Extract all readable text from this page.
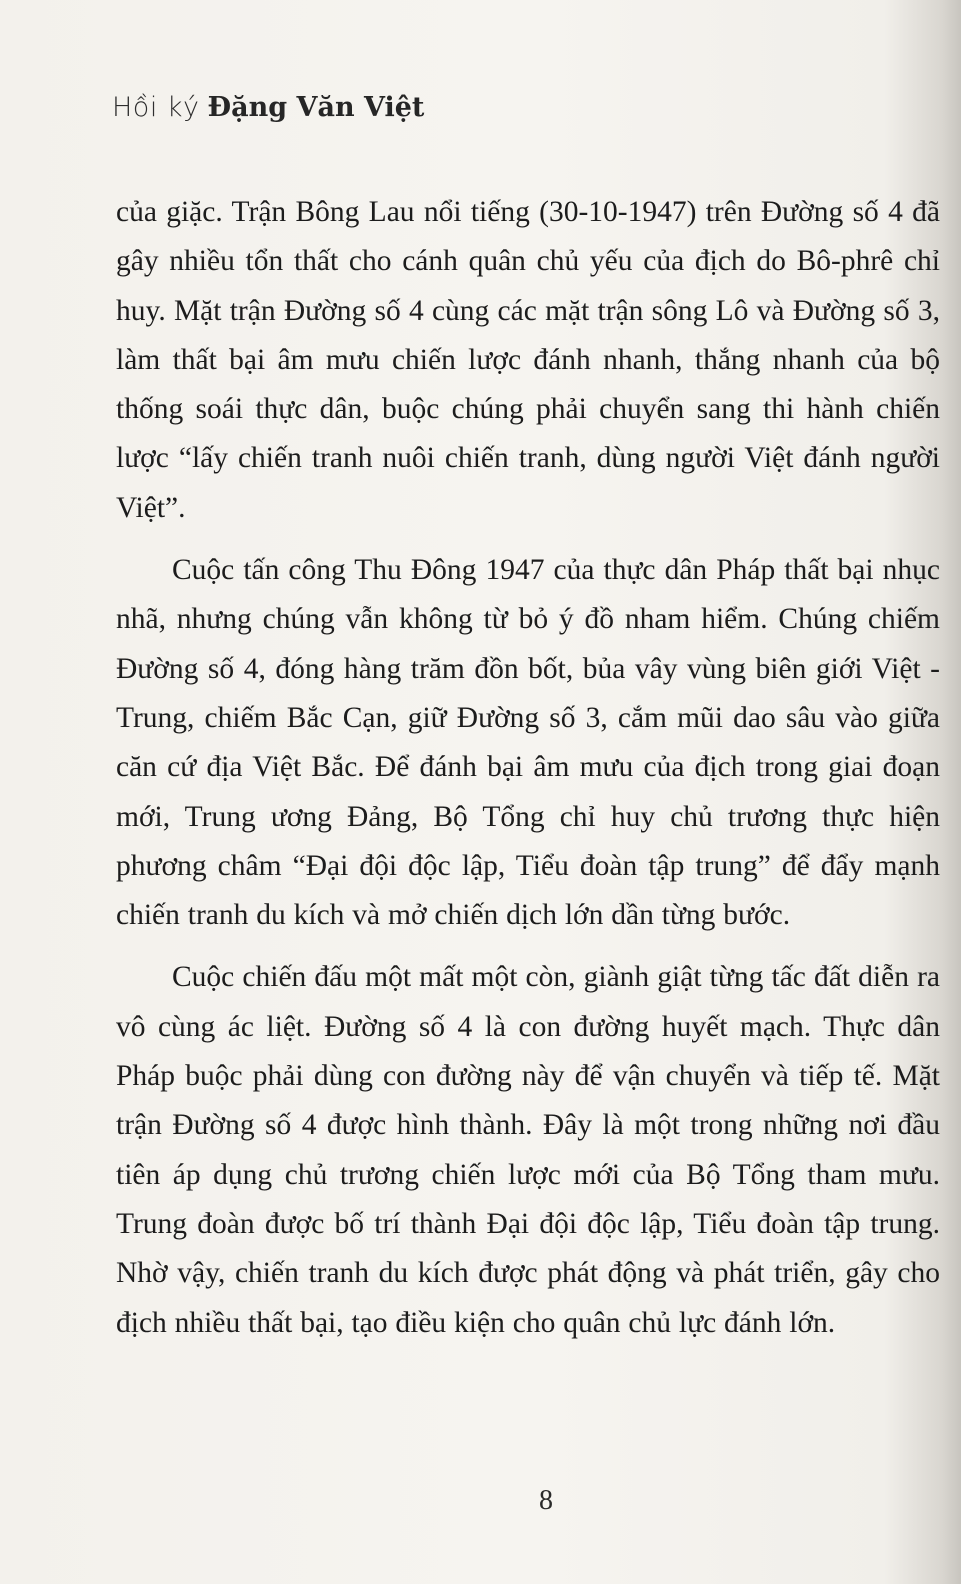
Hồi ký Đặng Văn Việt

của giặc. Trận Bông Lau nổi tiếng (30-10-1947) trên Đường số 4 đã gây nhiều tổn thất cho cánh quân chủ yếu của địch do Bô-phrê chỉ huy. Mặt trận Đường số 4 cùng các mặt trận sông Lô và Đường số 3, làm thất bại âm mưu chiến lược đánh nhanh, thắng nhanh của bộ thống soái thực dân, buộc chúng phải chuyển sang thi hành chiến lược “lấy chiến tranh nuôi chiến tranh, dùng người Việt đánh người Việt”.

Cuộc tấn công Thu Đông 1947 của thực dân Pháp thất bại nhục nhã, nhưng chúng vẫn không từ bỏ ý đồ nham hiểm. Chúng chiếm Đường số 4, đóng hàng trăm đồn bốt, bủa vây vùng biên giới Việt - Trung, chiếm Bắc Cạn, giữ Đường số 3, cắm mũi dao sâu vào giữa căn cứ địa Việt Bắc. Để đánh bại âm mưu của địch trong giai đoạn mới, Trung ương Đảng, Bộ Tổng chỉ huy chủ trương thực hiện phương châm “Đại đội độc lập, Tiểu đoàn tập trung” để đẩy mạnh chiến tranh du kích và mở chiến dịch lớn dần từng bước.

Cuộc chiến đấu một mất một còn, giành giật từng tấc đất diễn ra vô cùng ác liệt. Đường số 4 là con đường huyết mạch. Thực dân Pháp buộc phải dùng con đường này để vận chuyển và tiếp tế. Mặt trận Đường số 4 được hình thành. Đây là một trong những nơi đầu tiên áp dụng chủ trương chiến lược mới của Bộ Tổng tham mưu. Trung đoàn được bố trí thành Đại đội độc lập, Tiểu đoàn tập trung. Nhờ vậy, chiến tranh du kích được phát động và phát triển, gây cho địch nhiều thất bại, tạo điều kiện cho quân chủ lực đánh lớn.

8
